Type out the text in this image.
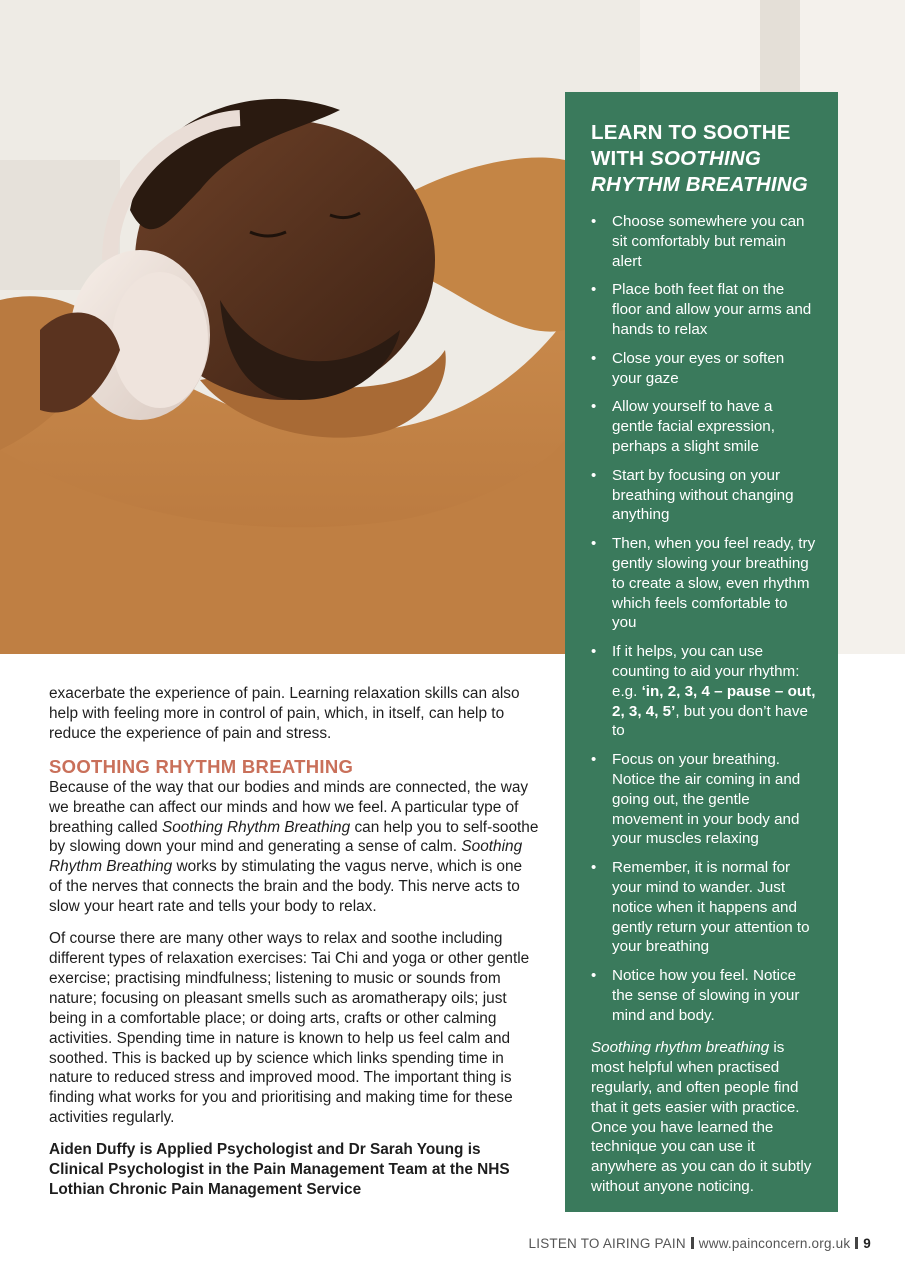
LEARN TO SOOTHE
WITH SOOTHING
RHYTHM BREATHING
• Choose somewhere you can sit comfortably but remain alert
• Place both feet flat on the floor and allow your arms and hands to relax
• Close your eyes or soften your gaze
• Allow yourself to have a gentle facial expression, perhaps a slight smile
• Start by focusing on your breathing without changing anything
• Then, when you feel ready, try gently slowing your breathing to create a slow, even rhythm which feels comfortable to you
• If it helps, you can use counting to aid your rhythm: e.g. ‘in, 2, 3, 4 – pause – out, 2, 3, 4, 5’, but you don’t have to
• Focus on your breathing. Notice the air coming in and going out, the gentle movement in your body and your muscles relaxing
• Remember, it is normal for your mind to wander. Just notice when it happens and gently return your attention to your breathing
• Notice how you feel. Notice the sense of slowing in your mind and body.
Soothing rhythm breathing is most helpful when practised regularly, and often people find that it gets easier with practice. Once you have learned the technique you can use it anywhere as you can do it subtly without anyone noticing.

exacerbate the experience of pain. Learning relaxation skills can also help with feeling more in control of pain, which, in itself, can help to reduce the experience of pain and stress.

SOOTHING RHYTHM BREATHING

Because of the way that our bodies and minds are connected, the way we breathe can affect our minds and how we feel. A particular type of breathing called Soothing Rhythm Breathing can help you to self-soothe by slowing down your mind and generating a sense of calm. Soothing Rhythm Breathing works by stimulating the vagus nerve, which is one of the nerves that connects the brain and the body. This nerve acts to slow your heart rate and tells your body to relax.

Of course there are many other ways to relax and soothe including different types of relaxation exercises: Tai Chi and yoga or other gentle exercise; practising mindfulness; listening to music or sounds from nature; focusing on pleasant smells such as aromatherapy oils; just being in a comfortable place; or doing arts, crafts or other calming activities. Spending time in nature is known to help us feel calm and soothed. This is backed up by science which links spending time in nature to reduced stress and improved mood. The important thing is finding what works for you and prioritising and making time for these activities regularly.

Aiden Duffy is Applied Psychologist and Dr Sarah Young is Clinical Psychologist in the Pain Management Team at the NHS Lothian Chronic Pain Management Service

LISTEN TO AIRING PAIN www.painconcern.org.uk 9
